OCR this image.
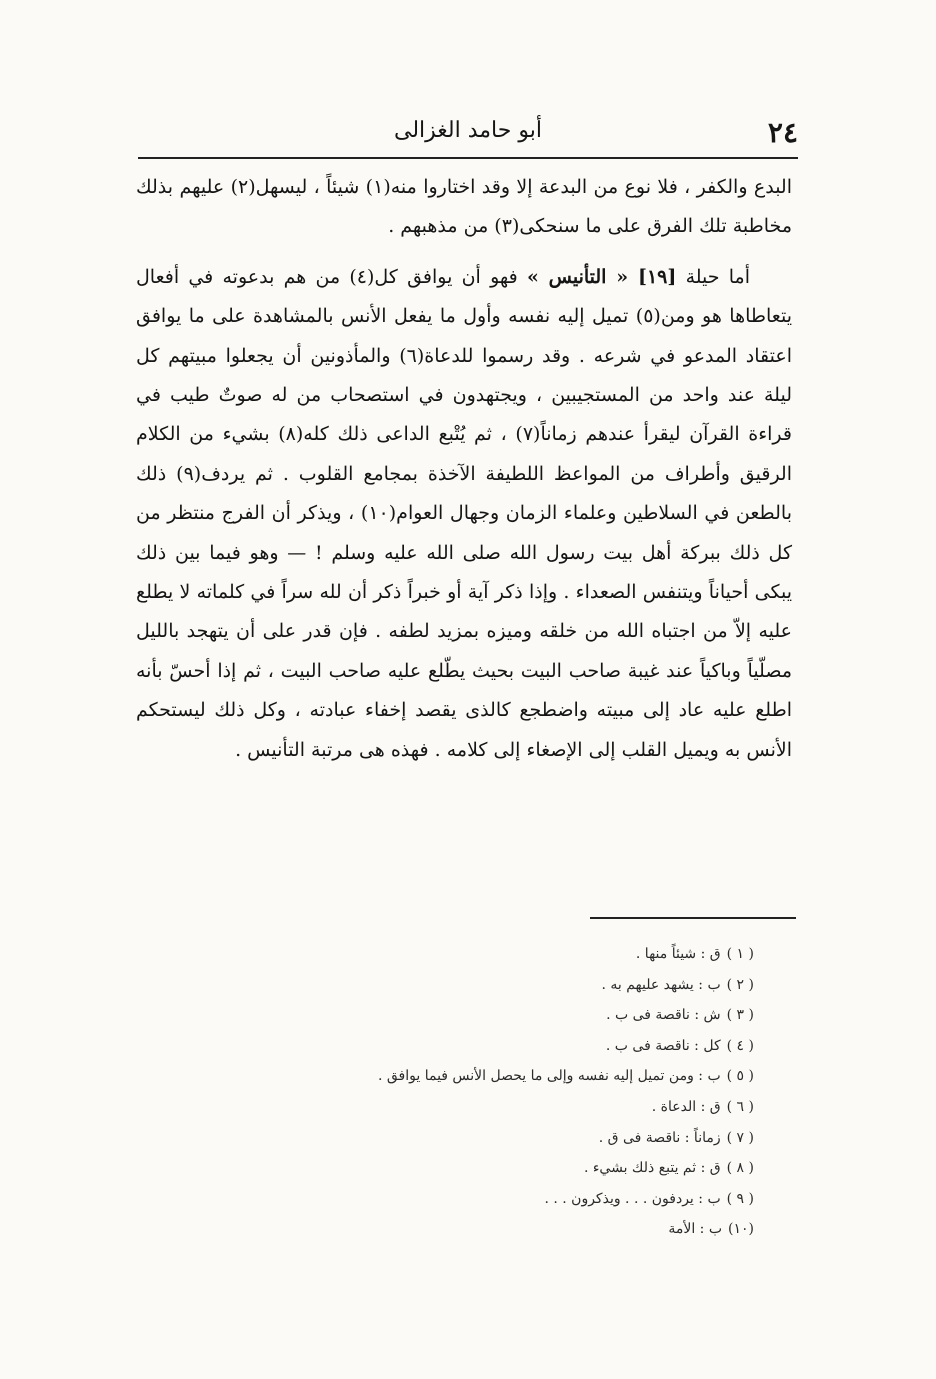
٢٤
أبو حامد الغزالى

البدع والكفر ، فلا نوع من البدعة إلا وقد اختاروا منه(١) شيئاً ، ليسهل(٢) عليهم بذلك مخاطبة تلك الفرق على ما سنحكى(٣) من مذهبهم .

أما حيلة [١٩] « التأنيس » فهو أن يوافق كل(٤) من هم بدعوته في أفعال يتعاطاها هو ومن(٥) تميل إليه نفسه وأول ما يفعل الأنس بالمشاهدة على ما يوافق اعتقاد المدعو في شرعه . وقد رسموا للدعاة(٦) والمأذونين أن يجعلوا مبيتهم كل ليلة عند واحد من المستجيبين ، ويجتهدون في استصحاب من له صوتٌ طيب في قراءة القرآن ليقرأ عندهم زماناً(٧) ، ثم يُتْبع الداعى ذلك كله(٨) بشيء من الكلام الرقيق وأطراف من المواعظ اللطيفة الآخذة بمجامع القلوب . ثم يردف(٩) ذلك بالطعن في السلاطين وعلماء الزمان وجهال العوام(١٠) ، ويذكر أن الفرج منتظر من كل ذلك ببركة أهل بيت رسول الله صلى الله عليه وسلم ! — وهو فيما بين ذلك يبكى أحياناً ويتنفس الصعداء . وإذا ذكر آية أو خبراً ذكر أن لله سراً في كلماته لا يطلع عليه إلاّ من اجتباه الله من خلقه وميزه بمزيد لطفه . فإن قدر على أن يتهجد بالليل مصلّياً وباكياً عند غيبة صاحب البيت بحيث يطّلع عليه صاحب البيت ، ثم إذا أحسّ بأنه اطلع عليه عاد إلى مبيته واضطجع كالذى يقصد إخفاء عبادته ، وكل ذلك ليستحكم الأنس به ويميل القلب إلى الإصغاء إلى كلامه . فهذه هى مرتبة التأنيس .

( ١ )ق : شيئاً منها .
( ٢ )ب : يشهد عليهم به .
( ٣ )ش : ناقصة فى ب .
( ٤ )كل : ناقصة فى ب .
( ٥ )ب : ومن تميل إليه نفسه وإلى ما يحصل الأنس فيما يوافق .
( ٦ )ق : الدعاة .
( ٧ )زماناً : ناقصة فى ق .
( ٨ )ق : ثم يتبع ذلك بشيء .
( ٩ )ب : يردفون . . . ويذكرون . . .
(١٠)ب : الأمة
